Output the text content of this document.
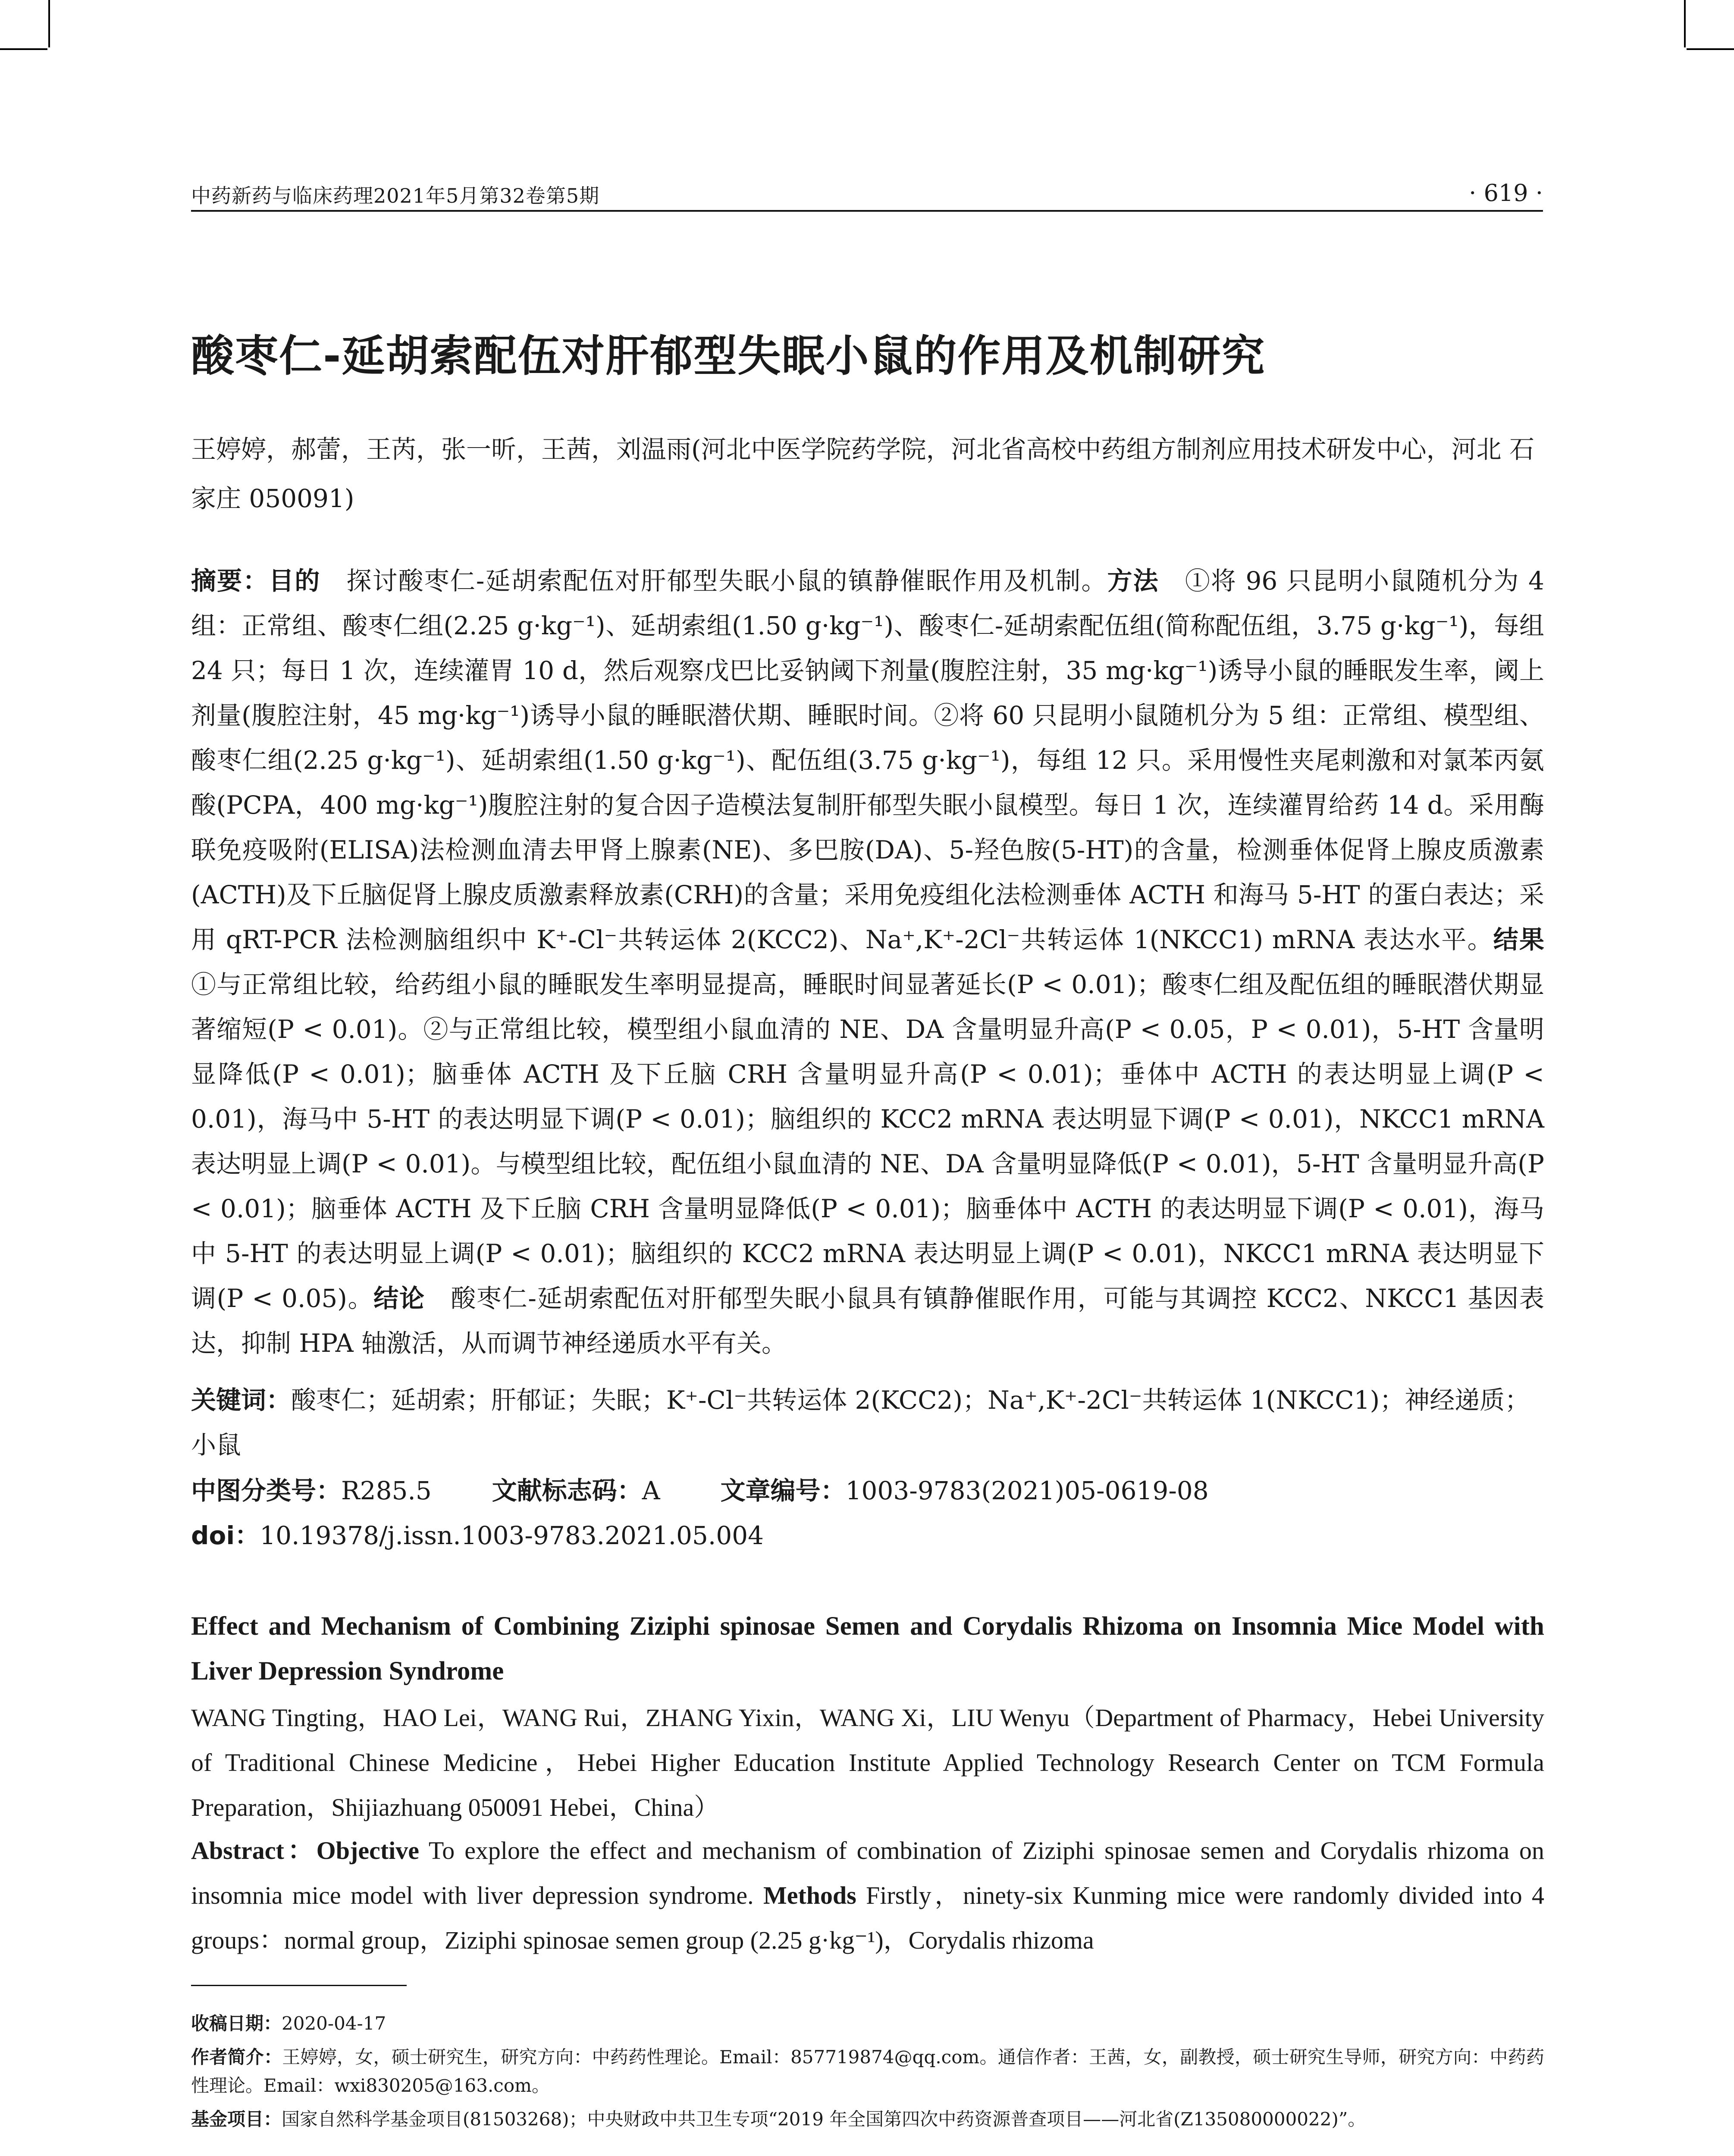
中药新药与临床药理2021年5月第32卷第5期	· 619 ·
酸枣仁-延胡索配伍对肝郁型失眠小鼠的作用及机制研究
王婷婷，郝蕾，王芮，张一昕，王茜，刘温雨(河北中医学院药学院，河北省高校中药组方制剂应用技术研发中心，河北 石家庄 050091)
摘要：目的　 探讨酸枣仁-延胡索配伍对肝郁型失眠小鼠的镇静催眠作用及机制。方法　 ①将 96 只昆明小鼠随机分为 4 组：正常组、酸枣仁组(2.25 g·kg⁻¹)、延胡索组(1.50 g·kg⁻¹)、酸枣仁-延胡索配伍组(简称配伍组，3.75 g·kg⁻¹)，每组 24 只；每日 1 次，连续灌胃 10 d，然后观察戊巴比妥钠阈下剂量(腹腔注射，35 mg·kg⁻¹)诱导小鼠的睡眠发生率，阈上剂量(腹腔注射，45 mg·kg⁻¹)诱导小鼠的睡眠潜伏期、睡眠时间。②将 60 只昆明小鼠随机分为 5 组：正常组、模型组、酸枣仁组(2.25 g·kg⁻¹)、延胡索组(1.50 g·kg⁻¹)、配伍组(3.75 g·kg⁻¹)，每组 12 只。采用慢性夹尾刺激和对氯苯丙氨酸(PCPA，400 mg·kg⁻¹)腹腔注射的复合因子造模法复制肝郁型失眠小鼠模型。每日 1 次，连续灌胃给药 14 d。采用酶联免疫吸附(ELISA)法检测血清去甲肾上腺素(NE)、多巴胺(DA)、5-羟色胺(5-HT)的含量，检测垂体促肾上腺皮质激素(ACTH)及下丘脑促肾上腺皮质激素释放素(CRH)的含量；采用免疫组化法检测垂体 ACTH 和海马 5-HT 的蛋白表达；采用 qRT-PCR 法检测脑组织中 K⁺-Cl⁻共转运体 2(KCC2)、Na⁺,K⁺-2Cl⁻共转运体 1(NKCC1) mRNA 表达水平。结果　①与正常组比较，给药组小鼠的睡眠发生率明显提高，睡眠时间显著延长(P < 0.01)；酸枣仁组及配伍组的睡眠潜伏期显著缩短(P < 0.01)。②与正常组比较，模型组小鼠血清的 NE、DA 含量明显升高(P < 0.05，P < 0.01)，5-HT 含量明显降低(P < 0.01)；脑垂体 ACTH 及下丘脑 CRH 含量明显升高(P < 0.01)；垂体中 ACTH 的表达明显上调(P < 0.01)，海马中 5-HT 的表达明显下调(P < 0.01)；脑组织的 KCC2 mRNA 表达明显下调(P < 0.01)，NKCC1 mRNA 表达明显上调(P < 0.01)。与模型组比较，配伍组小鼠血清的 NE、DA 含量明显降低(P < 0.01)，5-HT 含量明显升高(P < 0.01)；脑垂体 ACTH 及下丘脑 CRH 含量明显降低(P < 0.01)；脑垂体中 ACTH 的表达明显下调(P < 0.01)，海马中 5-HT 的表达明显上调(P < 0.01)；脑组织的 KCC2 mRNA 表达明显上调(P < 0.01)，NKCC1 mRNA 表达明显下调(P < 0.05)。结论　 酸枣仁-延胡索配伍对肝郁型失眠小鼠具有镇静催眠作用，可能与其调控 KCC2、NKCC1 基因表达，抑制 HPA 轴激活，从而调节神经递质水平有关。
关键词：酸枣仁；延胡索；肝郁证；失眠；K⁺-Cl⁻共转运体 2(KCC2)；Na⁺,K⁺-2Cl⁻共转运体 1(NKCC1)；神经递质；小鼠
中图分类号：R285.5 文献标志码：A 文章编号：1003-9783(2021)05-0619-08
doi：10.19378/j.issn.1003-9783.2021.05.004
Effect and Mechanism of Combining Ziziphi spinosae Semen and Corydalis Rhizoma on Insomnia Mice Model with Liver Depression Syndrome
WANG Tingting，HAO Lei，WANG Rui，ZHANG Yixin，WANG Xi，LIU Wenyu（Department of Pharmacy，Hebei University of Traditional Chinese Medicine，Hebei Higher Education Institute Applied Technology Research Center on TCM Formula Preparation，Shijiazhuang 050091 Hebei，China）
Abstract：Objective To explore the effect and mechanism of combination of Ziziphi spinosae semen and Corydalis rhizoma on insomnia mice model with liver depression syndrome. Methods Firstly，ninety-six Kunming mice were randomly divided into 4 groups：normal group，Ziziphi spinosae semen group (2.25 g·kg⁻¹)，Corydalis rhizoma

收稿日期：2020-04-17

作者简介：王婷婷，女，硕士研究生，研究方向：中药药性理论。Email：857719874@qq.com。通信作者：王茜，女，副教授，硕士研究生导师，研究方向：中药药性理论。Email：wxi830205@163.com。

基金项目：国家自然科学基金项目(81503268)；中央财政中共卫生专项“2019 年全国第四次中药资源普查项目——河北省(Z135080000022)”。
